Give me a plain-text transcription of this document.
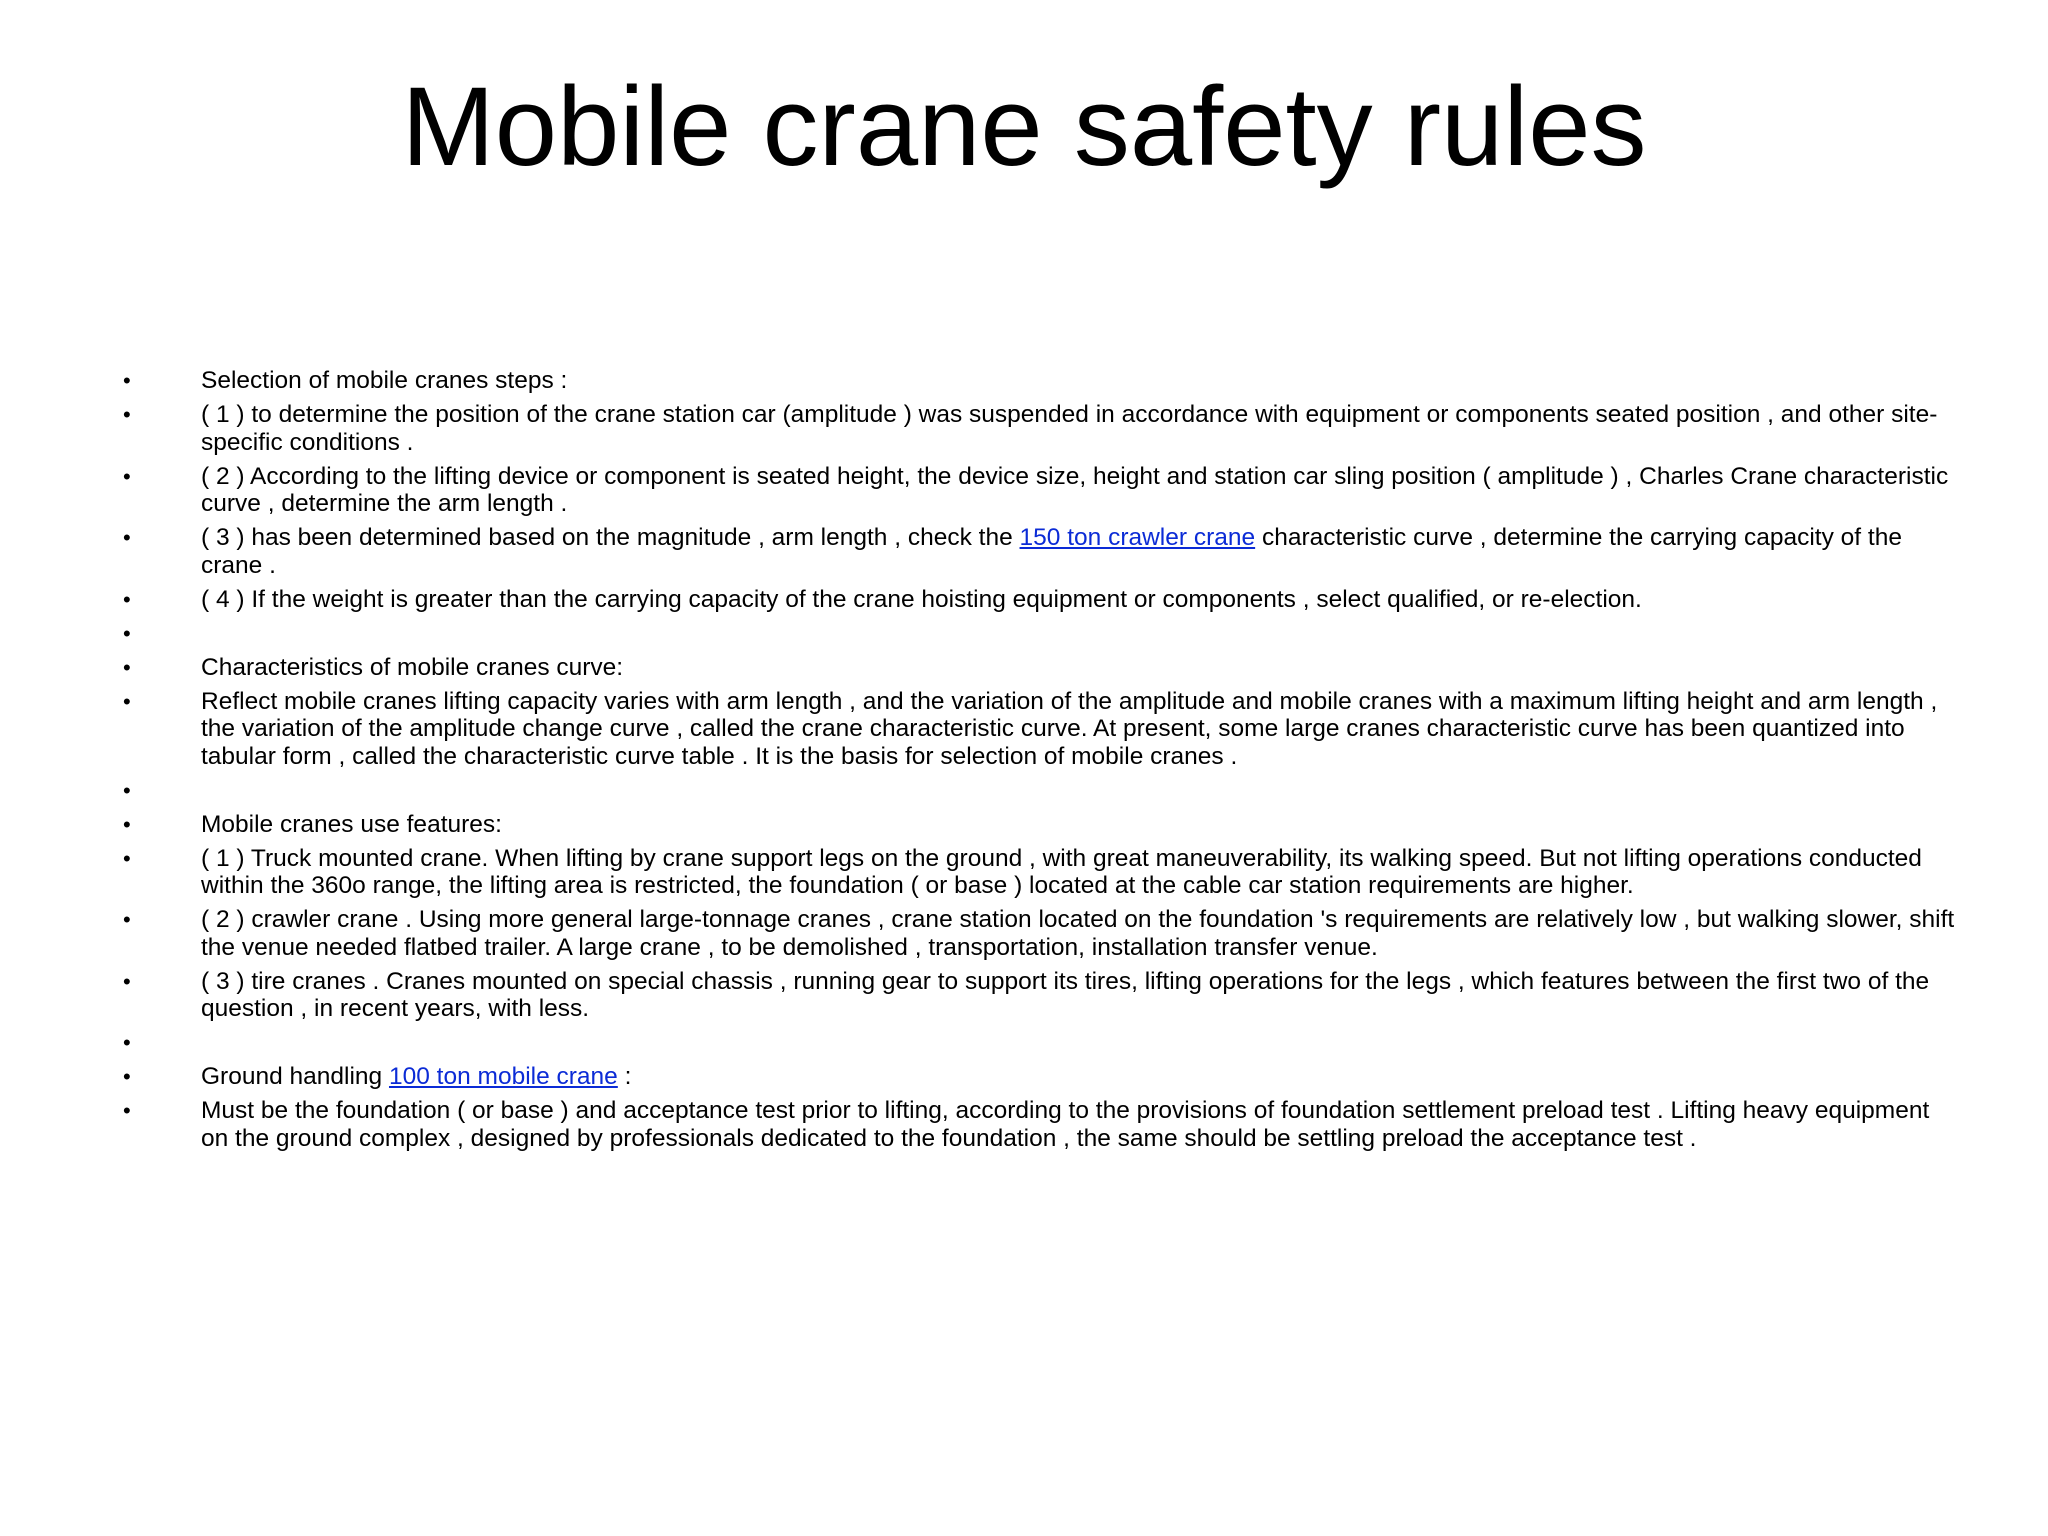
Mobile crane safety rules
•	Selection of mobile cranes steps :
•	( 1 ) to determine the position of the crane station car (amplitude ) was suspended in accordance with equipment or components seated position , and other site-specific conditions .
•	( 2 ) According to the lifting device or component is seated height, the device size, height and station car sling position ( amplitude ) , Charles Crane characteristic curve , determine the arm length .
•	( 3 ) has been determined based on the magnitude , arm length , check the 150 ton crawler crane characteristic curve , determine the carrying capacity of the crane .
•	( 4 ) If the weight is greater than the carrying capacity of the crane hoisting equipment or components , select qualified, or re-election.
•
•	Characteristics of mobile cranes curve:
•	Reflect mobile cranes lifting capacity varies with arm length , and the variation of the amplitude and mobile cranes with a maximum lifting height and arm length , the variation of the amplitude change curve , called the crane characteristic curve. At present, some large cranes characteristic curve has been quantized into tabular form , called the characteristic curve table . It is the basis for selection of mobile cranes .
•
•	Mobile cranes use features:
•	( 1 ) Truck mounted crane. When lifting by crane support legs on the ground , with great maneuverability, its walking speed. But not lifting operations conducted within the 360o range, the lifting area is restricted, the foundation ( or base ) located at the cable car station requirements are higher.
•	( 2 ) crawler crane . Using more general large-tonnage cranes , crane station located on the foundation 's requirements are relatively low , but walking slower, shift the venue needed flatbed trailer. A large crane , to be demolished , transportation, installation transfer venue.
•	( 3 ) tire cranes . Cranes mounted on special chassis , running gear to support its tires, lifting operations for the legs , which features between the first two of the question , in recent years, with less.
•
•	Ground handling 100 ton mobile crane :
•	Must be the foundation ( or base ) and acceptance test prior to lifting, according to the provisions of foundation settlement preload test . Lifting heavy equipment on the ground complex , designed by professionals dedicated to the foundation , the same should be settling preload the acceptance test .
